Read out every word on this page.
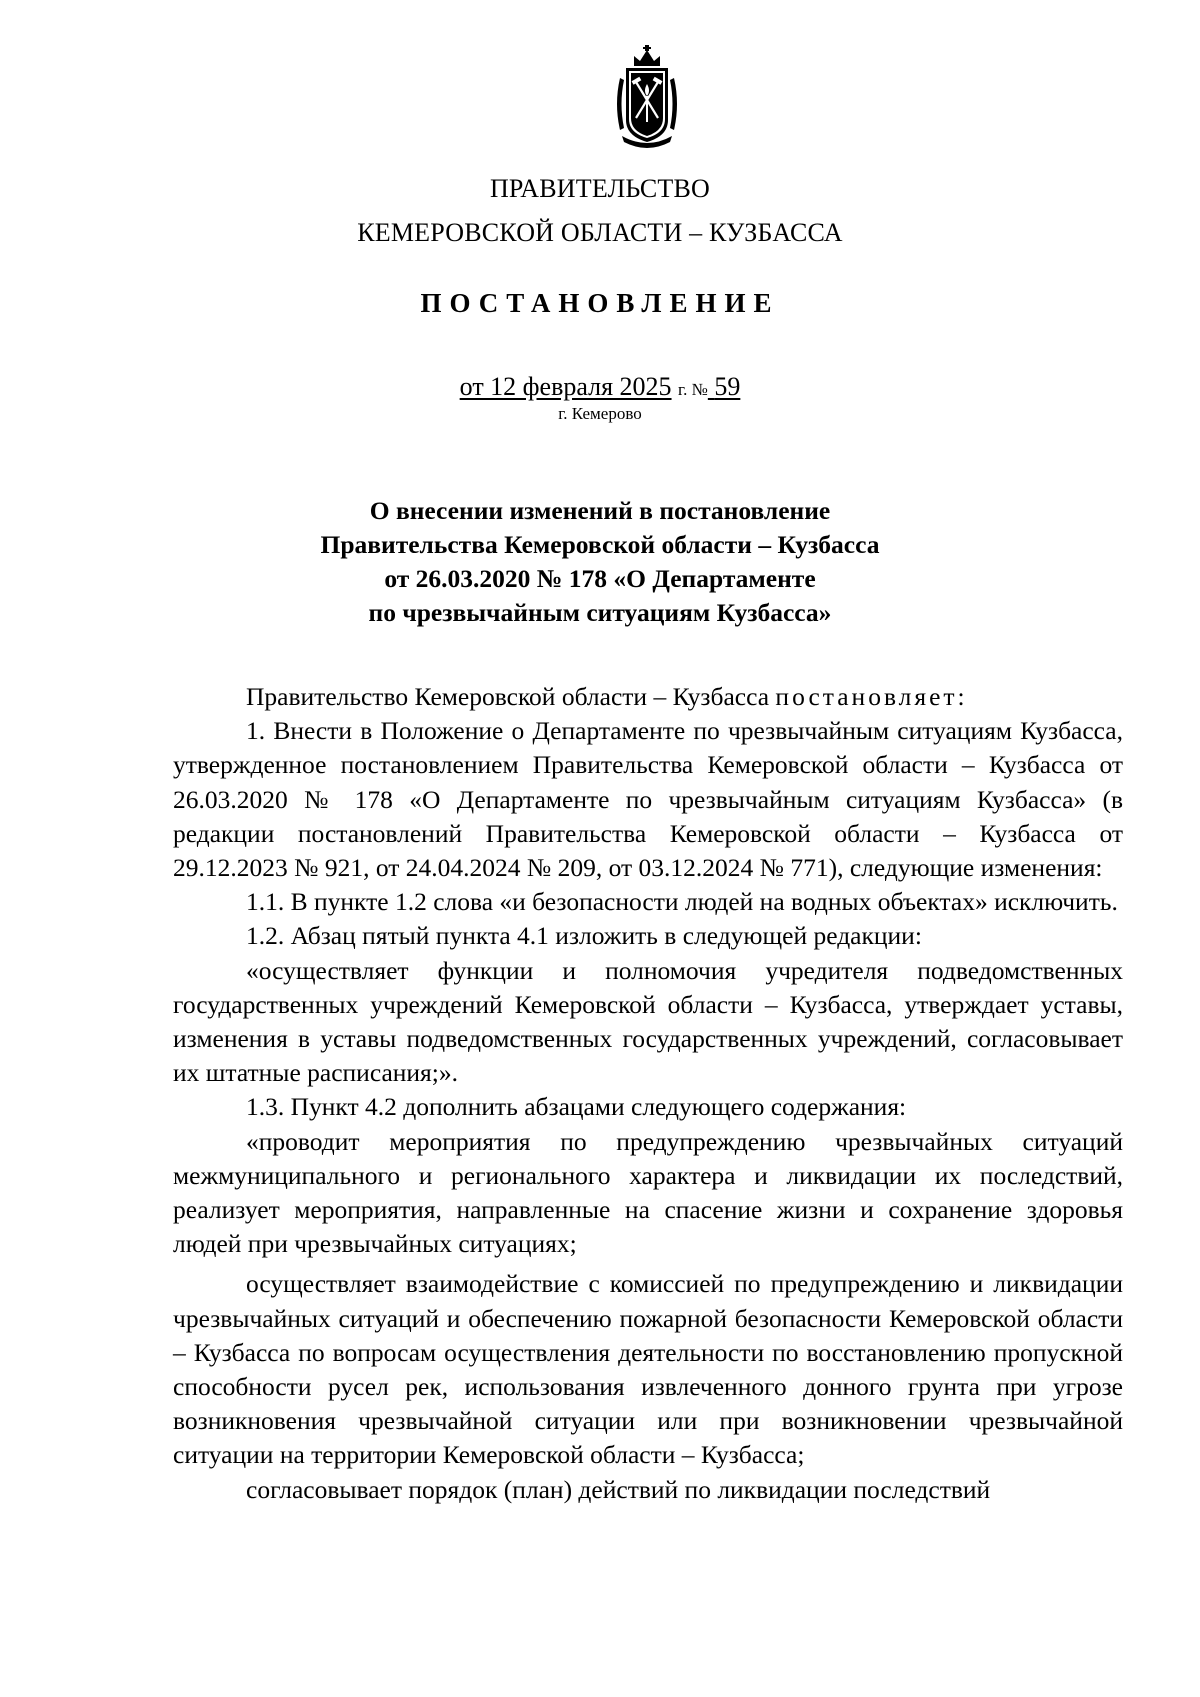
ПРАВИТЕЛЬСТВО
КЕМЕРОВСКОЙ ОБЛАСТИ – КУЗБАССА
ПОСТАНОВЛЕНИЕ
от 12 февраля 2025 г. № 59
г. Кемерово
О внесении изменений в постановление
Правительства Кемеровской области – Кузбасса
от 26.03.2020 № 178 «О Департаменте
по чрезвычайным ситуациям Кузбасса»

Правительство Кемеровской области – Кузбасса постановляет:

1. Внести в Положение о Департаменте по чрезвычайным ситуациям Кузбасса, утвержденное постановлением Правительства Кемеровской области – Кузбасса от 26.03.2020 № 178 «О Департаменте по чрезвычайным ситуациям Кузбасса» (в редакции постановлений Правительства Кемеровской области – Кузбасса от 29.12.2023 № 921, от 24.04.2024 № 209, от 03.12.2024 № 771), следующие изменения:

1.1. В пункте 1.2 слова «и безопасности людей на водных объектах» исключить.

1.2. Абзац пятый пункта 4.1 изложить в следующей редакции:

«осуществляет функции и полномочия учредителя подведомственных государственных учреждений Кемеровской области – Кузбасса, утверждает уставы, изменения в уставы подведомственных государственных учреждений, согласовывает их штатные расписания;».

1.3. Пункт 4.2 дополнить абзацами следующего содержания:

«проводит мероприятия по предупреждению чрезвычайных ситуаций межмуниципального и регионального характера и ликвидации их последствий, реализует мероприятия, направленные на спасение жизни и сохранение здоровья людей при чрезвычайных ситуациях;

осуществляет взаимодействие с комиссией по предупреждению и ликвидации чрезвычайных ситуаций и обеспечению пожарной безопасности Кемеровской области – Кузбасса по вопросам осуществления деятельности по восстановлению пропускной способности русел рек, использования извлеченного донного грунта при угрозе возникновения чрезвычайной ситуации или при возникновении чрезвычайной ситуации на территории Кемеровской области – Кузбасса;

согласовывает порядок (план) действий по ликвидации последствий
